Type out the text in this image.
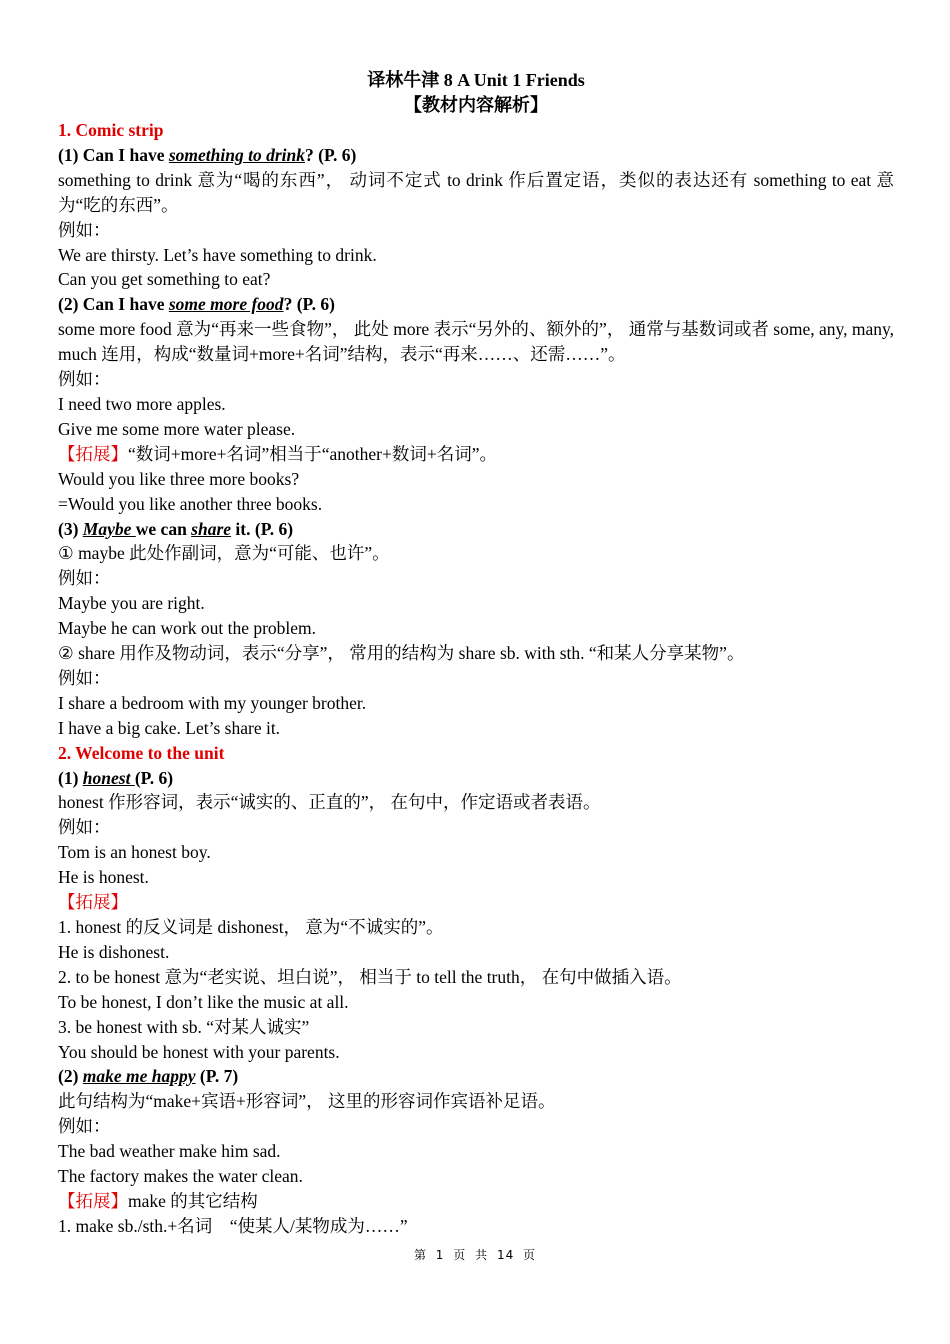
译林牛津 8 A Unit 1 Friends
【教材内容解析】
1. Comic strip
(1) Can I have something to drink? (P. 6)
something to drink 意为“喝的东西”， 动词不定式 to drink 作后置定语，类似的表达还有 something to eat 意为“吃的东西”。
例如：
We are thirsty. Let’s have something to drink.
Can you get something to eat?
(2) Can I have some more food? (P. 6)
some more food 意为“再来一些食物”， 此处 more 表示“另外的、额外的”， 通常与基数词或者 some, any, many, much 连用，构成“数量词+more+名词”结构，表示“再来……、还需……”。
例如：
I need two more apples.
Give me some more water please.
【拓展】“数词+more+名词”相当于“another+数词+名词”。
Would you like three more books?
=Would you like another three books.
(3) Maybe we can share it. (P. 6)
① maybe 此处作副词，意为“可能、也许”。
例如：
Maybe you are right.
Maybe he can work out the problem.
② share 用作及物动词，表示“分享”， 常用的结构为 share sb. with sth. “和某人分享某物”。
例如：
I share a bedroom with my younger brother.
I have a big cake. Let’s share it.
2. Welcome to the unit
(1) honest (P. 6)
honest 作形容词，表示“诚实的、正直的”， 在句中，作定语或者表语。
例如：
Tom is an honest boy.
He is honest.
【拓展】
1. honest 的反义词是 dishonest， 意为“不诚实的”。
He is dishonest.
2. to be honest 意为“老实说、坦白说”， 相当于 to tell the truth， 在句中做插入语。
To be honest, I don’t like the music at all.
3. be honest with sb. “对某人诚实”
You should be honest with your parents.
(2) make me happy (P. 7)
此句结构为“make+宾语+形容词”， 这里的形容词作宾语补足语。
例如：
The bad weather make him sad.
The factory makes the water clean.
【拓展】make 的其它结构
1. make sb./sth.+名词　“使某人/某物成为……”
第 1 页 共 14 页
